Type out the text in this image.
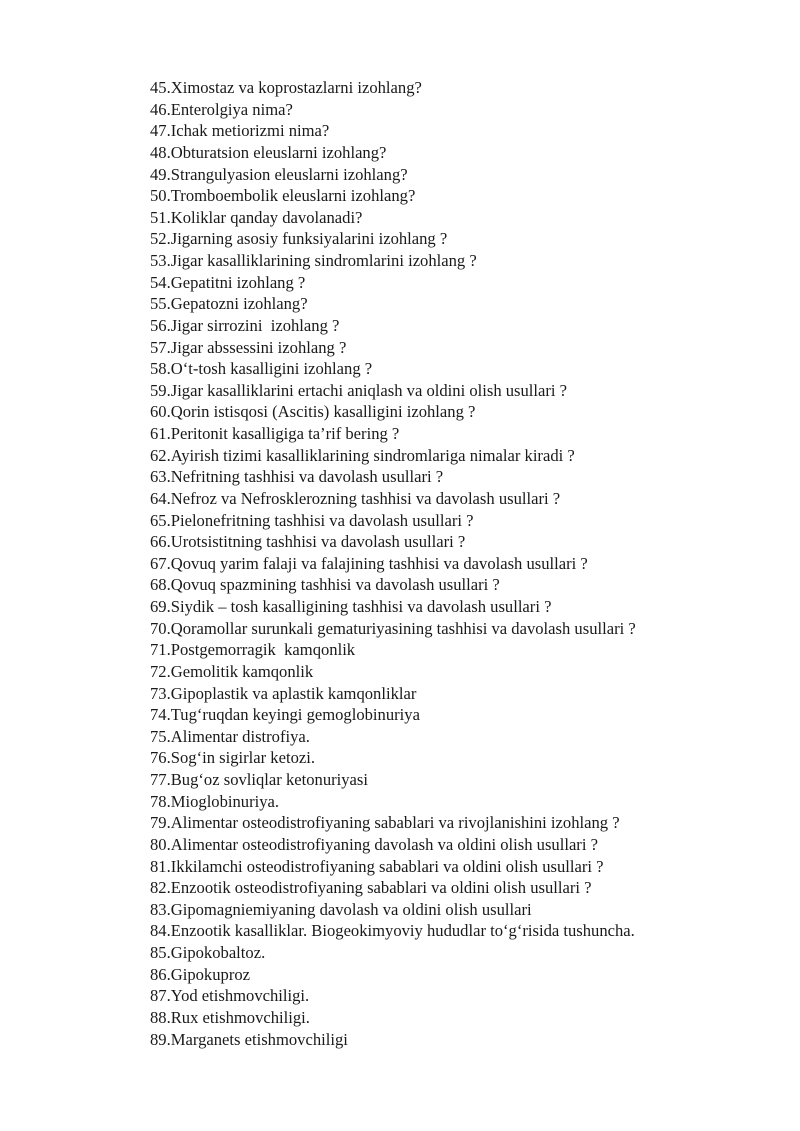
45.Ximostaz va koprostazlarni izohlang?
46.Enterolgiya nima?
47.Ichak metiorizmi nima?
48.Obturatsion eleuslarni izohlang?
49.Strangulyasion eleuslarni izohlang?
50.Tromboembolik eleuslarni izohlang?
51.Koliklar qanday davolanadi?
52.Jigarning asosiy funksiyalarini izohlang ?
53.Jigar kasalliklarining sindromlarini izohlang ?
54.Gepatitni izohlang ?
55.Gepatozni izohlang?
56.Jigar sirrozini  izohlang ?
57.Jigar abssessini izohlang ?
58.O‘t-tosh kasalligini izohlang ?
59.Jigar kasalliklarini ertachi aniqlash va oldini olish usullari ?
60.Qorin istisqosi (Ascitis) kasalligini izohlang ?
61.Peritonit kasalligiga ta’rif bering ?
62.Ayirish tizimi kasalliklarining sindromlariga nimalar kiradi ?
63.Nefritning tashhisi va davolash usullari ?
64.Nefroz va Nefrosklerozning tashhisi va davolash usullari ?
65.Pielonefritning tashhisi va davolash usullari ?
66.Urotsistitning tashhisi va davolash usullari ?
67.Qovuq yarim falaji va falajining tashhisi va davolash usullari ?
68.Qovuq spazmining tashhisi va davolash usullari ?
69.Siydik – tosh kasalligining tashhisi va davolash usullari ?
70.Qoramollar surunkali gematuriyasining tashhisi va davolash usullari ?
71.Postgemorragik  kamqonlik
72.Gemolitik kamqonlik
73.Gipoplastik va aplastik kamqonliklar
74.Tug‘ruqdan keyingi gemoglobinuriya
75.Alimentar distrofiya.
76.Sog‘in sigirlar ketozi.
77.Bug‘oz sovliqlar ketonuriyasi
78.Mioglobinuriya.
79.Alimentar osteodistrofiyaning sabablari va rivojlanishini izohlang ?
80.Alimentar osteodistrofiyaning davolash va oldini olish usullari ?
81.Ikkilamchi osteodistrofiyaning sabablari va oldini olish usullari ?
82.Enzootik osteodistrofiyaning sabablari va oldini olish usullari ?
83.Gipomagniemiyaning davolash va oldini olish usullari
84.Enzootik kasalliklar. Biogeokimyoviy hududlar to‘g‘risida tushuncha.
85.Gipokobaltoz.
86.Gipokuproz
87.Yod etishmovchiligi.
88.Rux etishmovchiligi.
89.Marganets etishmovchiligi
